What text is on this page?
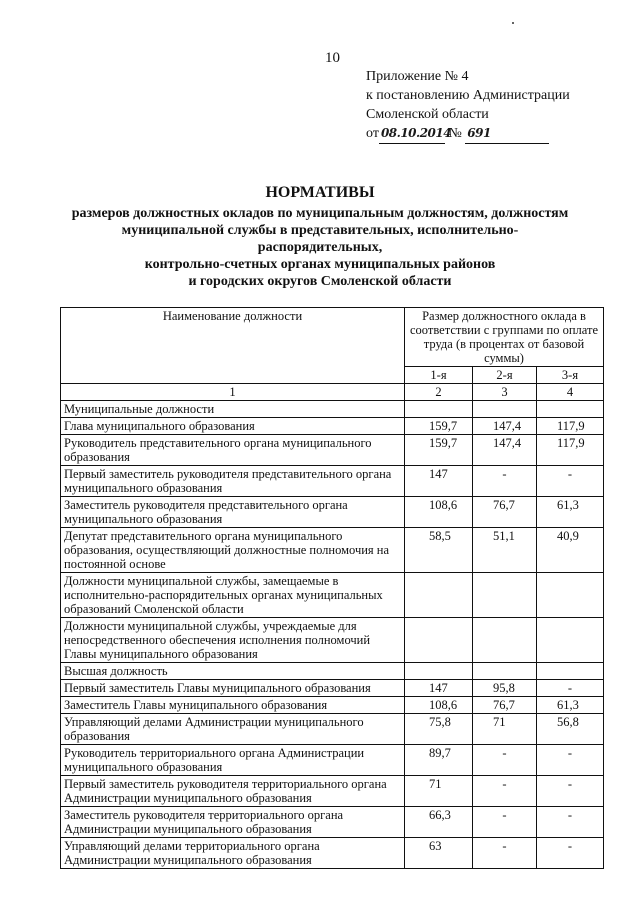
10
Приложение № 4
к постановлению Администрации
Смоленской области
от 08.10.2014 № 691
НОРМАТИВЫ
размеров должностных окладов по муниципальным должностям, должностям
муниципальной службы в представительных, исполнительно-
распорядительных,
контрольно-счетных органах муниципальных районов
и городских округов Смоленской области
Наименование должности	Размер должностного оклада в соответствии с группами по оплате труда (в процентах от базовой суммы)		
	1-я	2-я	3-я
1	2	3	4
Муниципальные должности			
Глава муниципального образования	159,7	147,4	117,9
Руководитель представительного органа муниципального образования	159,7	147,4	117,9
Первый заместитель руководителя представительного органа муниципального образования	147	-	-
Заместитель руководителя представительного органа муниципального образования	108,6	76,7	61,3
Депутат представительного органа муниципального образования, осуществляющий должностные полномочия на постоянной основе	58,5	51,1	40,9
Должности муниципальной службы, замещаемые в исполнительно-распорядительных органах муниципальных образований Смоленской области			
Должности муниципальной службы, учреждаемые для непосредственного обеспечения исполнения полномочий Главы муниципального образования			
Высшая должность			
Первый заместитель Главы муниципального образования	147	95,8	-
Заместитель Главы муниципального образования	108,6	76,7	61,3
Управляющий делами Администрации муниципального образования	75,8	71	56,8
Руководитель территориального органа Администрации муниципального образования	89,7	-	-
Первый заместитель руководителя территориального органа Администрации муниципального образования	71	-	-
Заместитель руководителя территориального органа Администрации муниципального образования	66,3	-	-
Управляющий делами территориального органа Администрации муниципального образования	63	-	-
